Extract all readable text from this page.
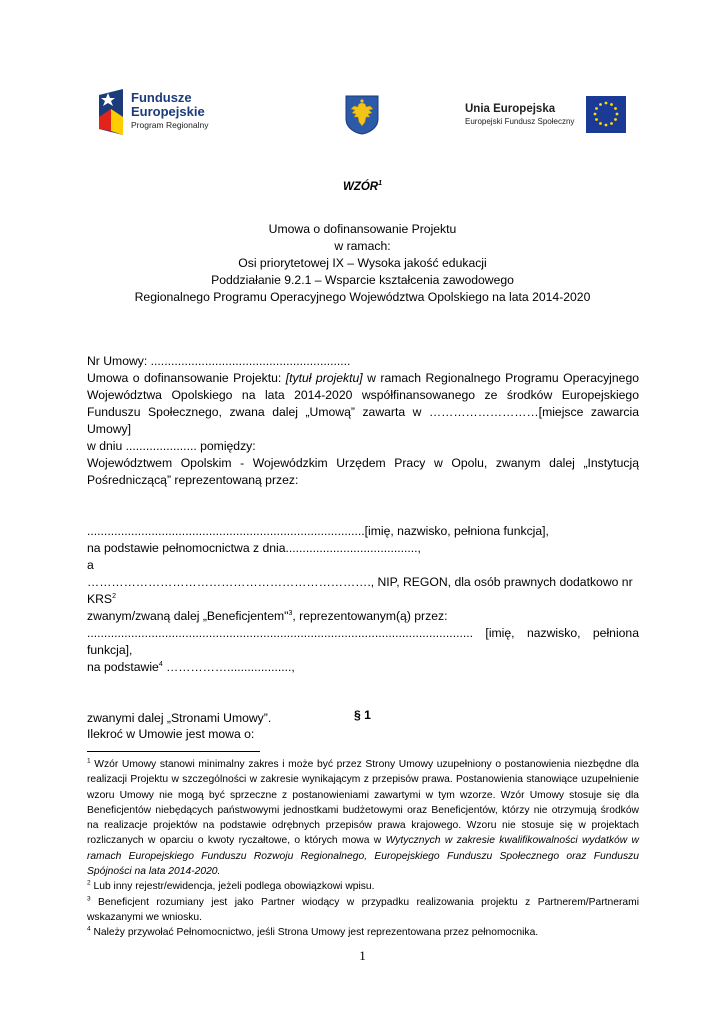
Fundusze
Europejskie
Program Regionalny
Unia Europejska
Europejski Fundusz Społeczny
WZÓR$^1$
Umowa o dofinansowanie Projektu
w ramach:
Osi priorytetowej IX – Wysoka jakość edukacji
Poddziałanie 9.2.1 – Wsparcie kształcenia zawodowego
Regionalnego Programu Operacyjnego Województwa Opolskiego na lata 2014-2020

Nr Umowy: ...........................................................

Umowa o dofinansowanie Projektu: [tytuł projektu] w ramach Regionalnego Programu Operacyjnego Województwa Opolskiego na lata 2014-2020 współfinansowanego ze środków Europejskiego Funduszu Społecznego, zwana dalej „Umową” zawarta w ………………………[miejsce zawarcia Umowy]

w dniu ..................... pomiędzy:

Województwem Opolskim - Wojewódzkim Urzędem Pracy w Opolu, zwanym dalej „Instytucją Pośredniczącą” reprezentowaną przez:

..................................................................................[imię, nazwisko, pełniona funkcja],

na podstawie pełnomocnictwa z dnia.......................................,

a

……………………………………………………………., NIP, REGON, dla osób prawnych dodatkowo nr KRS$^2$

zwanym/zwaną dalej „Beneficjentem"$^3$, reprezentowanym(ą) przez:

.................................................................................................................. [imię, nazwisko, pełniona funkcja],

na podstawie$^4$ ……………...................,

zwanymi dalej „Stronami Umowy”.	§ 1
Ilekroć w Umowie jest mowa o:

$^1$ Wzór Umowy stanowi minimalny zakres i może być przez Strony Umowy uzupełniony o postanowienia niezbędne dla realizacji Projektu w szczególności w zakresie wynikającym z przepisów prawa. Postanowienia stanowiące uzupełnienie wzoru Umowy nie mogą być sprzeczne z postanowieniami zawartymi w tym wzorze. Wzór Umowy stosuje się dla Beneficjentów niebędących państwowymi jednostkami budżetowymi oraz Beneficjentów, którzy nie otrzymują środków na realizacje projektów na podstawie odrębnych przepisów prawa krajowego. Wzoru nie stosuje się w projektach rozliczanych w oparciu o kwoty ryczałtowe, o których mowa w Wytycznych w zakresie kwalifikowalności wydatków w ramach Europejskiego Funduszu Rozwoju Regionalnego, Europejskiego Funduszu Społecznego oraz Funduszu Spójności na lata 2014-2020.

$^2$ Lub inny rejestr/ewidencja, jeżeli podlega obowiązkowi wpisu.

$^3$ Beneficjent rozumiany jest jako Partner wiodący w przypadku realizowania projektu z Partnerem/Partnerami wskazanymi we wniosku.

$^4$ Należy przywołać Pełnomocnictwo, jeśli Strona Umowy jest reprezentowana przez pełnomocnika.

1
